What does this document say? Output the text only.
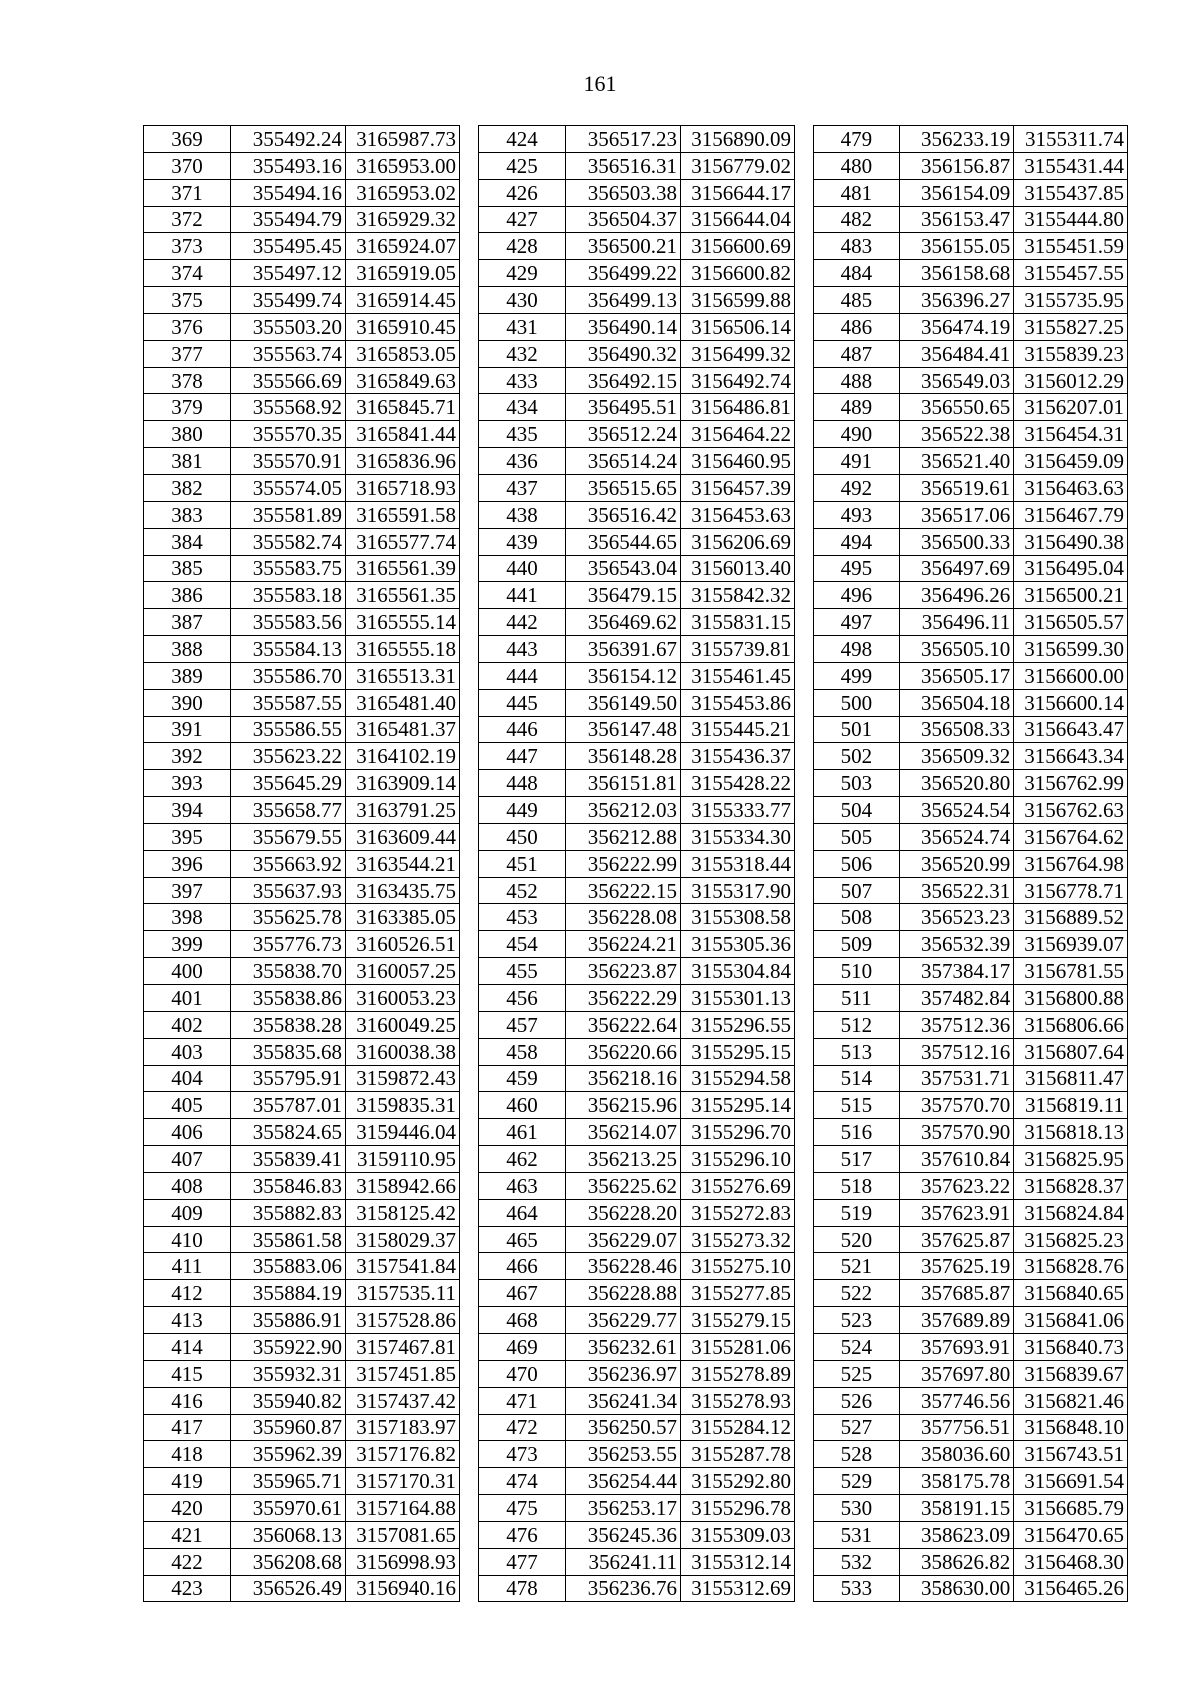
161
369	355492.24	3165987.73
370	355493.16	3165953.00
371	355494.16	3165953.02
372	355494.79	3165929.32
373	355495.45	3165924.07
374	355497.12	3165919.05
375	355499.74	3165914.45
376	355503.20	3165910.45
377	355563.74	3165853.05
378	355566.69	3165849.63
379	355568.92	3165845.71
380	355570.35	3165841.44
381	355570.91	3165836.96
382	355574.05	3165718.93
383	355581.89	3165591.58
384	355582.74	3165577.74
385	355583.75	3165561.39
386	355583.18	3165561.35
387	355583.56	3165555.14
388	355584.13	3165555.18
389	355586.70	3165513.31
390	355587.55	3165481.40
391	355586.55	3165481.37
392	355623.22	3164102.19
393	355645.29	3163909.14
394	355658.77	3163791.25
395	355679.55	3163609.44
396	355663.92	3163544.21
397	355637.93	3163435.75
398	355625.78	3163385.05
399	355776.73	3160526.51
400	355838.70	3160057.25
401	355838.86	3160053.23
402	355838.28	3160049.25
403	355835.68	3160038.38
404	355795.91	3159872.43
405	355787.01	3159835.31
406	355824.65	3159446.04
407	355839.41	3159110.95
408	355846.83	3158942.66
409	355882.83	3158125.42
410	355861.58	3158029.37
411	355883.06	3157541.84
412	355884.19	3157535.11
413	355886.91	3157528.86
414	355922.90	3157467.81
415	355932.31	3157451.85
416	355940.82	3157437.42
417	355960.87	3157183.97
418	355962.39	3157176.82
419	355965.71	3157170.31
420	355970.61	3157164.88
421	356068.13	3157081.65
422	356208.68	3156998.93
423	356526.49	3156940.16
424	356517.23	3156890.09
425	356516.31	3156779.02
426	356503.38	3156644.17
427	356504.37	3156644.04
428	356500.21	3156600.69
429	356499.22	3156600.82
430	356499.13	3156599.88
431	356490.14	3156506.14
432	356490.32	3156499.32
433	356492.15	3156492.74
434	356495.51	3156486.81
435	356512.24	3156464.22
436	356514.24	3156460.95
437	356515.65	3156457.39
438	356516.42	3156453.63
439	356544.65	3156206.69
440	356543.04	3156013.40
441	356479.15	3155842.32
442	356469.62	3155831.15
443	356391.67	3155739.81
444	356154.12	3155461.45
445	356149.50	3155453.86
446	356147.48	3155445.21
447	356148.28	3155436.37
448	356151.81	3155428.22
449	356212.03	3155333.77
450	356212.88	3155334.30
451	356222.99	3155318.44
452	356222.15	3155317.90
453	356228.08	3155308.58
454	356224.21	3155305.36
455	356223.87	3155304.84
456	356222.29	3155301.13
457	356222.64	3155296.55
458	356220.66	3155295.15
459	356218.16	3155294.58
460	356215.96	3155295.14
461	356214.07	3155296.70
462	356213.25	3155296.10
463	356225.62	3155276.69
464	356228.20	3155272.83
465	356229.07	3155273.32
466	356228.46	3155275.10
467	356228.88	3155277.85
468	356229.77	3155279.15
469	356232.61	3155281.06
470	356236.97	3155278.89
471	356241.34	3155278.93
472	356250.57	3155284.12
473	356253.55	3155287.78
474	356254.44	3155292.80
475	356253.17	3155296.78
476	356245.36	3155309.03
477	356241.11	3155312.14
478	356236.76	3155312.69
479	356233.19	3155311.74
480	356156.87	3155431.44
481	356154.09	3155437.85
482	356153.47	3155444.80
483	356155.05	3155451.59
484	356158.68	3155457.55
485	356396.27	3155735.95
486	356474.19	3155827.25
487	356484.41	3155839.23
488	356549.03	3156012.29
489	356550.65	3156207.01
490	356522.38	3156454.31
491	356521.40	3156459.09
492	356519.61	3156463.63
493	356517.06	3156467.79
494	356500.33	3156490.38
495	356497.69	3156495.04
496	356496.26	3156500.21
497	356496.11	3156505.57
498	356505.10	3156599.30
499	356505.17	3156600.00
500	356504.18	3156600.14
501	356508.33	3156643.47
502	356509.32	3156643.34
503	356520.80	3156762.99
504	356524.54	3156762.63
505	356524.74	3156764.62
506	356520.99	3156764.98
507	356522.31	3156778.71
508	356523.23	3156889.52
509	356532.39	3156939.07
510	357384.17	3156781.55
511	357482.84	3156800.88
512	357512.36	3156806.66
513	357512.16	3156807.64
514	357531.71	3156811.47
515	357570.70	3156819.11
516	357570.90	3156818.13
517	357610.84	3156825.95
518	357623.22	3156828.37
519	357623.91	3156824.84
520	357625.87	3156825.23
521	357625.19	3156828.76
522	357685.87	3156840.65
523	357689.89	3156841.06
524	357693.91	3156840.73
525	357697.80	3156839.67
526	357746.56	3156821.46
527	357756.51	3156848.10
528	358036.60	3156743.51
529	358175.78	3156691.54
530	358191.15	3156685.79
531	358623.09	3156470.65
532	358626.82	3156468.30
533	358630.00	3156465.26
